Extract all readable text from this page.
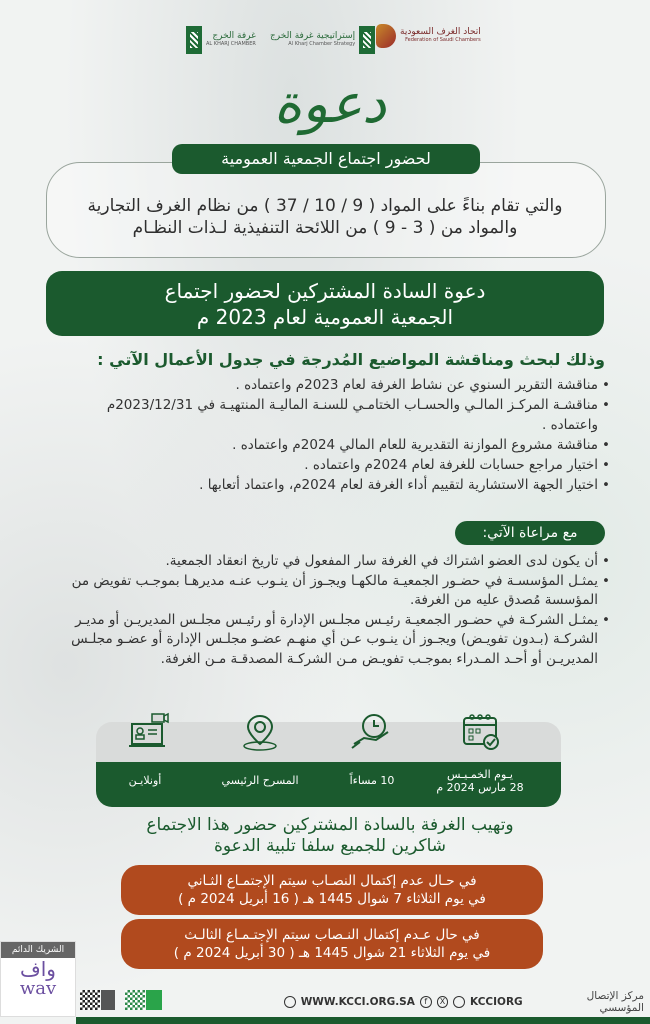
غرفة الخرج
AL KHARJ CHAMBER
إستراتيجية غرفة الخرج
Al Kharj Chamber Strategy
اتحاد الغرف السعودية
Federation of Saudi Chambers
دعوة
لحضور اجتماع الجمعية العمومية
والتي تقام بناءً على المواد ( 9 / 10 / 37 ) من نظام الغرف التجارية
والمواد من ( 3 - 9 ) من اللائحة التنفيذية لـذات النظـام
دعوة السادة المشتركين لحضور اجتماع
الجمعية العمومية لعام 2023 م
وذلك لبحث ومناقشة المواضيع المُدرجة في جدول الأعمال الآتي :
• مناقشة التقرير السنوي عن نشاط الغرفة لعام 2023م واعتماده .
• مناقشـة المركـز المالـي والحسـاب الختامـي للسنـة الماليـة المنتهيـة في 2023/12/31م واعتماده .
• مناقشة مشروع الموازنة التقديرية للعام المالي 2024م واعتماده .
• اختيار مراجع حسابات للغرفة لعام 2024م واعتماده .
• اختيار الجهة الاستشارية لتقييم أداء الغرفة لعام 2024م، واعتماد أتعابها .
مع مراعاة الآتي:
• أن يكون لدى العضو اشتراك في الغرفة سار المفعول في تاريخ انعقاد الجمعية.
• يمثـل المؤسسـة في حضـور الجمعيـة مالكهـا ويجـوز أن ينـوب عنـه مديرهـا بموجـب تفويض من المؤسسة مُصدق عليه من الغرفة.
• يمثـل الشركـة في حضـور الجمعيـة رئيـس مجلـس الإدارة أو رئيـس مجلـس المديريـن أو مديـر الشركـة (بـدون تفويـض) ويجـوز أن ينـوب عـن أي منهـم عضـو مجلـس الإدارة أو عضـو مجلـس المديريـن أو أحـد المـدراء بموجـب تفويـض مـن الشركـة المصدقـة مـن الغرفة.
يـوم الخمـيـس
28 مارس 2024 م
10 مساءاً
المسرح الرئيسي
أونلايـن
وتهيب الغرفة بالسادة المشتركين حضور هذا الاجتماع
شاكرين للجميع سلفا تلبية الدعوة
في حـال عدم إكتمال النصـاب سيتم الإجتمـاع الثـاني
في يوم الثلاثاء 7 شوال 1445 هـ ( 16 أبريل 2024 م )
في حال عـدم إكتمال النـصاب سيتم الإجتـمـاع الثالـث
في يوم الثلاثاء 21 شوال 1445 هـ ( 30 أبريل 2024 م )
الشريك الدائم
واف
wav
WWW.KCCI.ORG.SA	f	X KCCIORG	مركز الإتصال المؤسسي
